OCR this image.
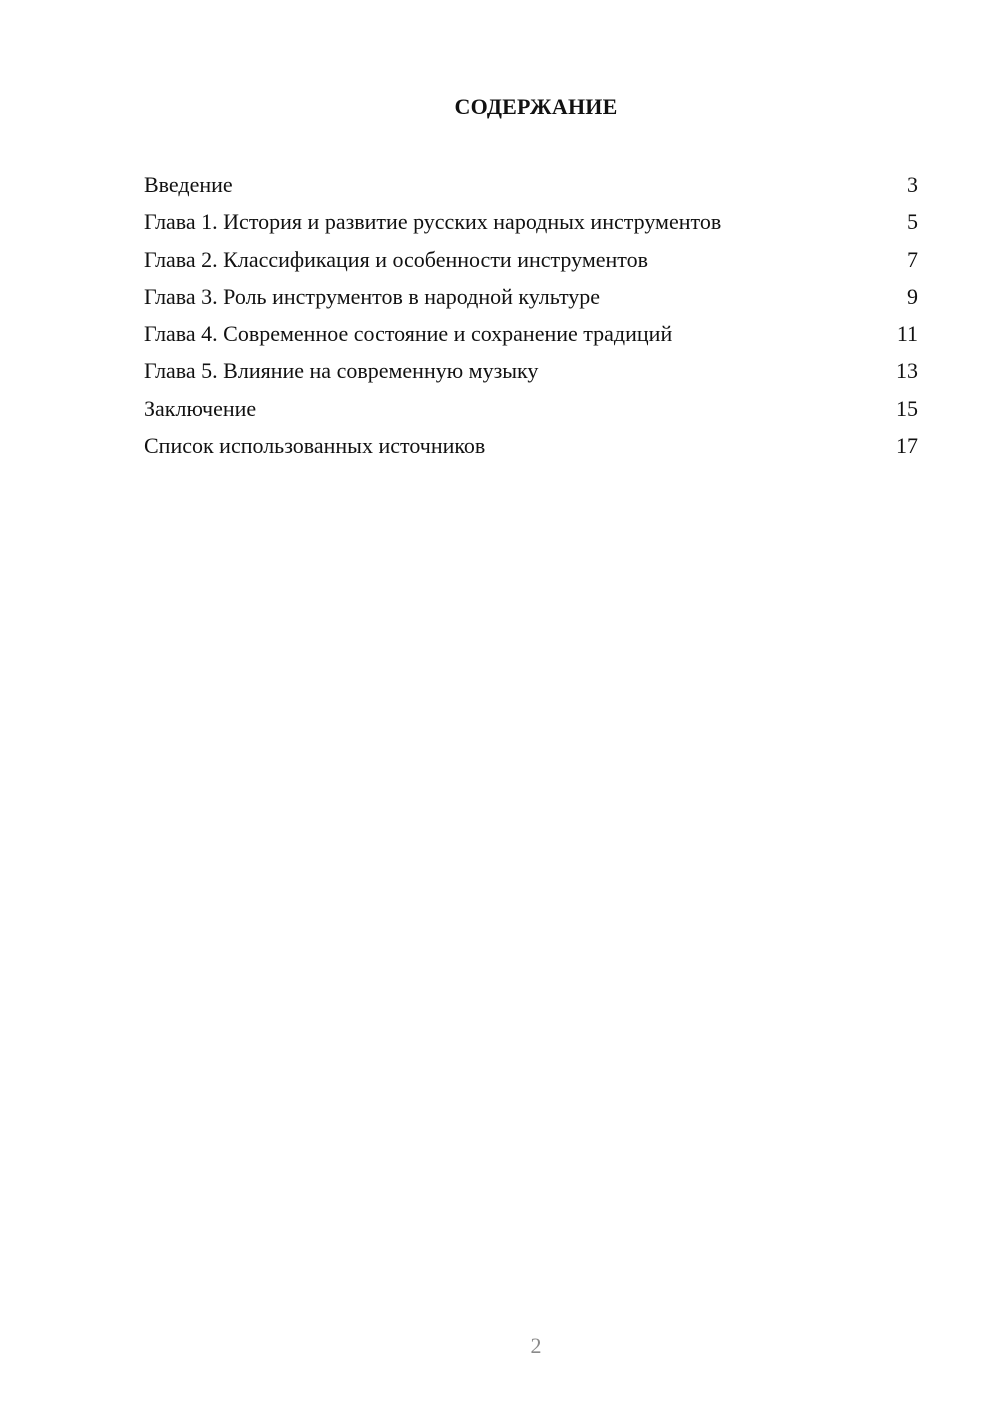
СОДЕРЖАНИЕ
Введение	3
Глава 1. История и развитие русских народных инструментов	5
Глава 2. Классификация и особенности инструментов	7
Глава 3. Роль инструментов в народной культуре	9
Глава 4. Современное состояние и сохранение традиций	11
Глава 5. Влияние на современную музыку	13
Заключение	15
Список использованных источников	17
2
